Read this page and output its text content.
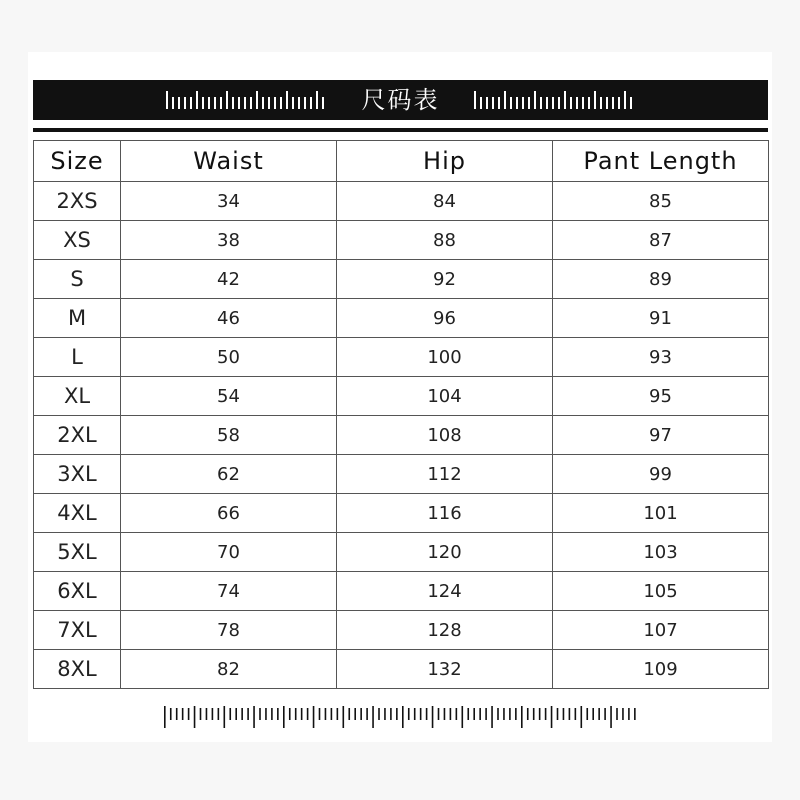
尺码表
Size	Waist	Hip	Pant Length
2XS	34	84	85
XS	38	88	87
S	42	92	89
M	46	96	91
L	50	100	93
XL	54	104	95
2XL	58	108	97
3XL	62	112	99
4XL	66	116	101
5XL	70	120	103
6XL	74	124	105
7XL	78	128	107
8XL	82	132	109
